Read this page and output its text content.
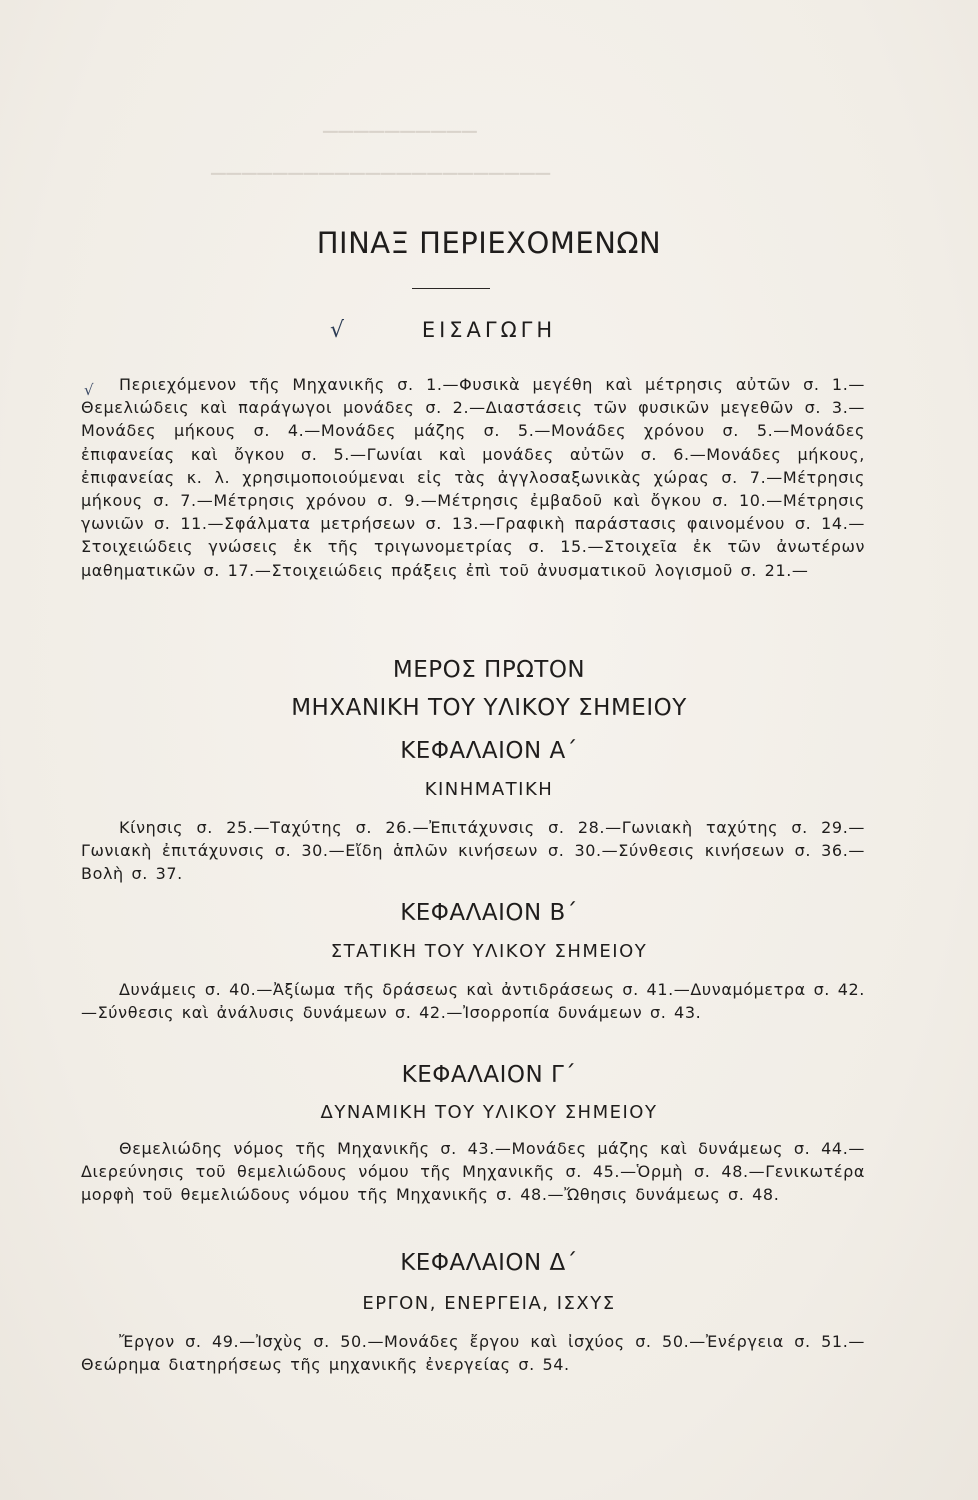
──────────
──────────────────────
ΠΙΝΑΞ ΠΕΡΙΕΧΟΜΕΝΩΝ
√	ΕΙΣΑΓΩΓΗ
√	Περιεχόμενον τῆς Μηχανικῆς σ. 1.—Φυσικὰ μεγέθη καὶ μέτρησις αὐτῶν σ. 1.—Θεμελιώδεις καὶ παράγωγοι μονάδες σ. 2.—Διαστάσεις τῶν φυσικῶν μεγεθῶν σ. 3.—Μονάδες μήκους σ. 4.—Μονάδες μάζης σ. 5.—Μονάδες χρόνου σ. 5.—Μονάδες ἐπιφανείας καὶ ὄγκου σ. 5.—Γωνίαι καὶ μονάδες αὐτῶν σ. 6.—Μονάδες μήκους, ἐπιφανείας κ. λ. χρησιμοποιούμεναι εἰς τὰς ἀγγλοσαξωνικὰς χώρας σ. 7.—Μέτρησις μήκους σ. 7.—Μέτρησις χρόνου σ. 9.—Μέτρησις ἐμβαδοῦ καὶ ὄγκου σ. 10.—Μέτρησις γωνιῶν σ. 11.—Σφάλματα μετρήσεων σ. 13.—Γραφικὴ παράστασις φαινομένου σ. 14.—Στοιχειώδεις γνώσεις ἐκ τῆς τριγωνομετρίας σ. 15.—Στοιχεῖα ἐκ τῶν ἀνωτέρων μαθηματικῶν σ. 17.—Στοιχειώδεις πράξεις ἐπὶ τοῦ ἀνυσματικοῦ λογισμοῦ σ. 21.—
ΜΕΡΟΣ ΠΡΩΤΟΝ
ΜΗΧΑΝΙΚΗ ΤΟΥ ΥΛΙΚΟΥ ΣΗΜΕΙΟΥ
ΚΕΦΑΛΑΙΟΝ Α΄
ΚΙΝΗΜΑΤΙΚΗ
Κίνησις σ. 25.—Ταχύτης σ. 26.—Ἐπιτάχυνσις σ. 28.—Γωνιακὴ ταχύτης σ. 29.—Γωνιακὴ ἐπιτάχυνσις σ. 30.—Εἴδη ἁπλῶν κινήσεων σ. 30.—Σύνθεσις κινήσεων σ. 36.—Βολὴ σ. 37.
ΚΕΦΑΛΑΙΟΝ Β΄
ΣΤΑΤΙΚΗ ΤΟΥ ΥΛΙΚΟΥ ΣΗΜΕΙΟΥ
Δυνάμεις σ. 40.—Ἀξίωμα τῆς δράσεως καὶ ἀντιδράσεως σ. 41.—Δυναμόμετρα σ. 42.—Σύνθεσις καὶ ἀνάλυσις δυνάμεων σ. 42.—Ἰσορροπία δυνάμεων σ. 43.
ΚΕΦΑΛΑΙΟΝ Γ΄
ΔΥΝΑΜΙΚΗ ΤΟΥ ΥΛΙΚΟΥ ΣΗΜΕΙΟΥ
Θεμελιώδης νόμος τῆς Μηχανικῆς σ. 43.—Μονάδες μάζης καὶ δυνάμεως σ. 44.—Διερεύνησις τοῦ θεμελιώδους νόμου τῆς Μηχανικῆς σ. 45.—Ὁρμὴ σ. 48.—Γενικωτέρα μορφὴ τοῦ θεμελιώδους νόμου τῆς Μηχανικῆς σ. 48.—Ὤθησις δυνάμεως σ. 48.
ΚΕΦΑΛΑΙΟΝ Δ΄
ΕΡΓΟΝ, ΕΝΕΡΓΕΙΑ, ΙΣΧΥΣ
Ἔργον σ. 49.—Ἰσχὺς σ. 50.—Μονάδες ἔργου καὶ ἰσχύος σ. 50.—Ἐνέργεια σ. 51.—Θεώρημα διατηρήσεως τῆς μηχανικῆς ἐνεργείας σ. 54.
